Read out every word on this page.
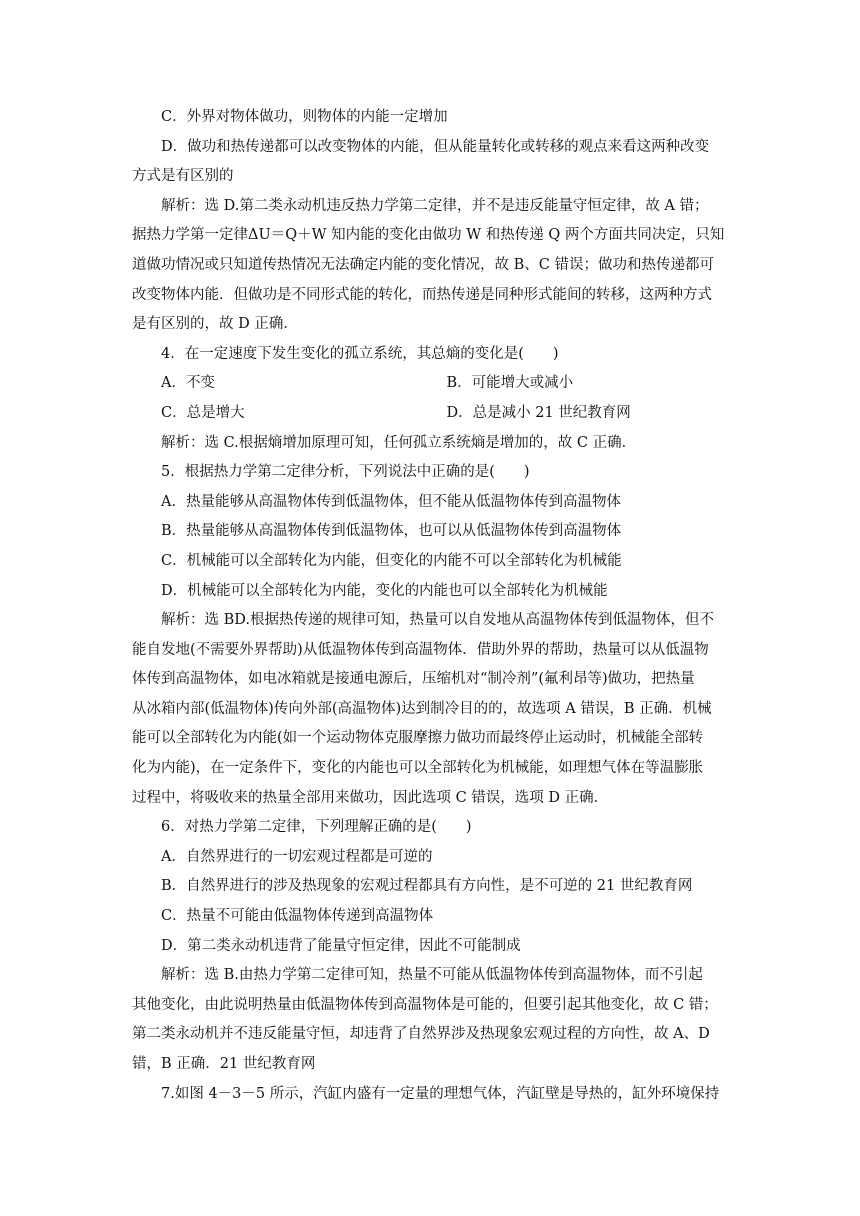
C．外界对物体做功，则物体的内能一定增加
D．做功和热传递都可以改变物体的内能，但从能量转化或转移的观点来看这两种改变
方式是有区别的
解析：选 D.第二类永动机违反热力学第二定律，并不是违反能量守恒定律，故 A 错；
据热力学第一定律ΔU＝Q＋W 知内能的变化由做功 W 和热传递 Q 两个方面共同决定，只知
道做功情况或只知道传热情况无法确定内能的变化情况，故 B、C 错误；做功和热传递都可
改变物体内能．但做功是不同形式能的转化，而热传递是同种形式能间的转移，这两种方式
是有区别的，故 D 正确．
4．在一定速度下发生变化的孤立系统，其总熵的变化是(　　)
A．不变	B．可能增大或减小
C．总是增大	D．总是减小 21 世纪教育网
解析：选 C.根据熵增加原理可知，任何孤立系统熵是增加的，故 C 正确．
5．根据热力学第二定律分析，下列说法中正确的是(　　)
A．热量能够从高温物体传到低温物体，但不能从低温物体传到高温物体
B．热量能够从高温物体传到低温物体，也可以从低温物体传到高温物体
C．机械能可以全部转化为内能，但变化的内能不可以全部转化为机械能
D．机械能可以全部转化为内能，变化的内能也可以全部转化为机械能
解析：选 BD.根据热传递的规律可知，热量可以自发地从高温物体传到低温物体，但不
能自发地(不需要外界帮助)从低温物体传到高温物体．借助外界的帮助，热量可以从低温物
体传到高温物体，如电冰箱就是接通电源后，压缩机对“制冷剂”(氟利昂等)做功，把热量
从冰箱内部(低温物体)传向外部(高温物体)达到制冷目的的，故选项 A 错误，B 正确．机械
能可以全部转化为内能(如一个运动物体克服摩擦力做功而最终停止运动时，机械能全部转
化为内能)，在一定条件下，变化的内能也可以全部转化为机械能，如理想气体在等温膨胀
过程中，将吸收来的热量全部用来做功，因此选项 C 错误，选项 D 正确．
6．对热力学第二定律，下列理解正确的是(　　)
A．自然界进行的一切宏观过程都是可逆的
B．自然界进行的涉及热现象的宏观过程都具有方向性，是不可逆的 21 世纪教育网
C．热量不可能由低温物体传递到高温物体
D．第二类永动机违背了能量守恒定律，因此不可能制成
解析：选 B.由热力学第二定律可知，热量不可能从低温物体传到高温物体，而不引起
其他变化，由此说明热量由低温物体传到高温物体是可能的，但要引起其他变化，故 C 错；
第二类永动机并不违反能量守恒，却违背了自然界涉及热现象宏观过程的方向性，故 A、D
错，B 正确．21 世纪教育网
7.如图 4－3－5 所示，汽缸内盛有一定量的理想气体，汽缸壁是导热的，缸外环境保持
